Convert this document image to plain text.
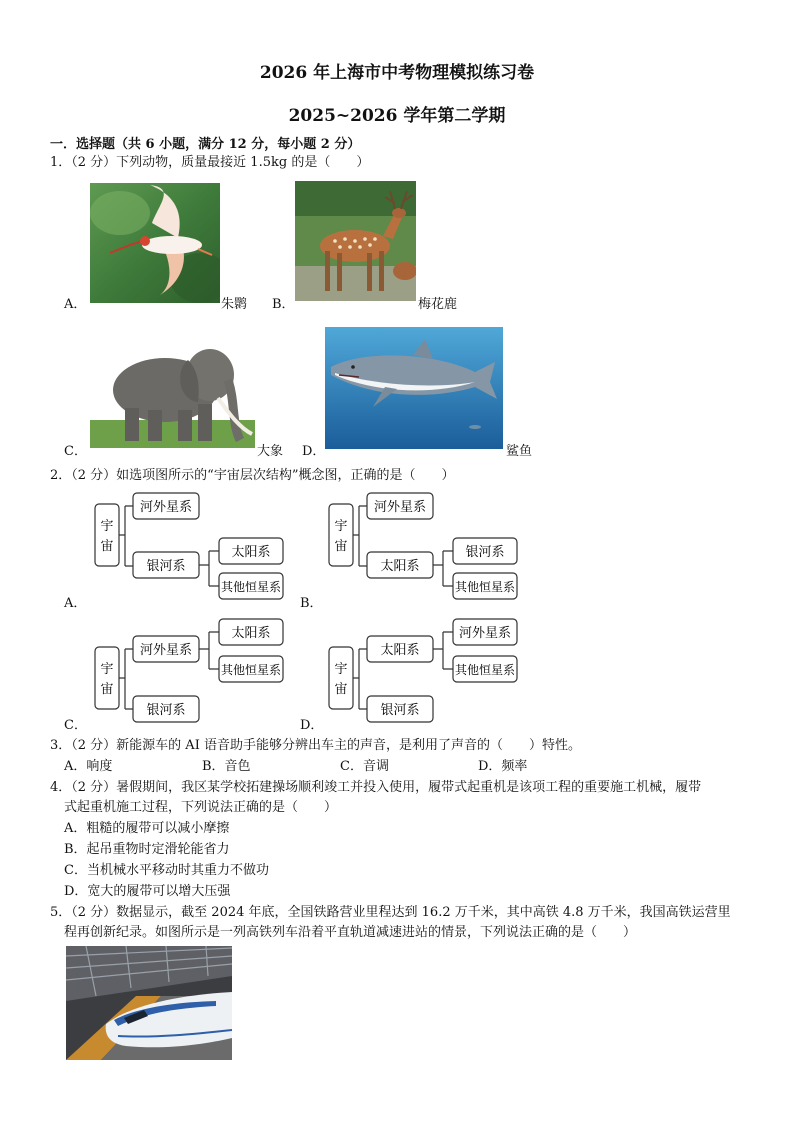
2026 年上海市中考物理模拟练习卷
2025~2026 学年第二学期
一．选择题（共 6 小题，满分 12 分，每小题 2 分）
1．（2 分）下列动物，质量最接近 1.5kg 的是（　　）
A．	朱鹮 B．	梅花鹿
C．	大象 D．	鲨鱼
2．（2 分）如选项图所示的“宇宙层次结构”概念图，正确的是（　　）
A．
宇
宙
河外星系
银河系
太阳系
其他恒星系
B．
宇
宙
河外星系
太阳系
银河系
其他恒星系
C．
宇
宙
河外星系
银河系
太阳系
其他恒星系
D．
宇
宙
太阳系
银河系
河外星系
其他恒星系
3．（2 分）新能源车的 AI 语音助手能够分辨出车主的声音，是利用了声音的（　　）特性。
A．响度	B．音色	C．音调	D．频率
4．（2 分）暑假期间，我区某学校拓建操场顺利竣工并投入使用，履带式起重机是该项工程的重要施工机械，履带
式起重机施工过程，下列说法正确的是（　　）
A．粗糙的履带可以减小摩擦
B．起吊重物时定滑轮能省力
C．当机械水平移动时其重力不做功
D．宽大的履带可以增大压强
5．（2 分）数据显示，截至 2024 年底，全国铁路营业里程达到 16.2 万千米，其中高铁 4.8 万千米，我国高铁运营里
程再创新纪录。如图所示是一列高铁列车沿着平直轨道减速进站的情景，下列说法正确的是（　　）
